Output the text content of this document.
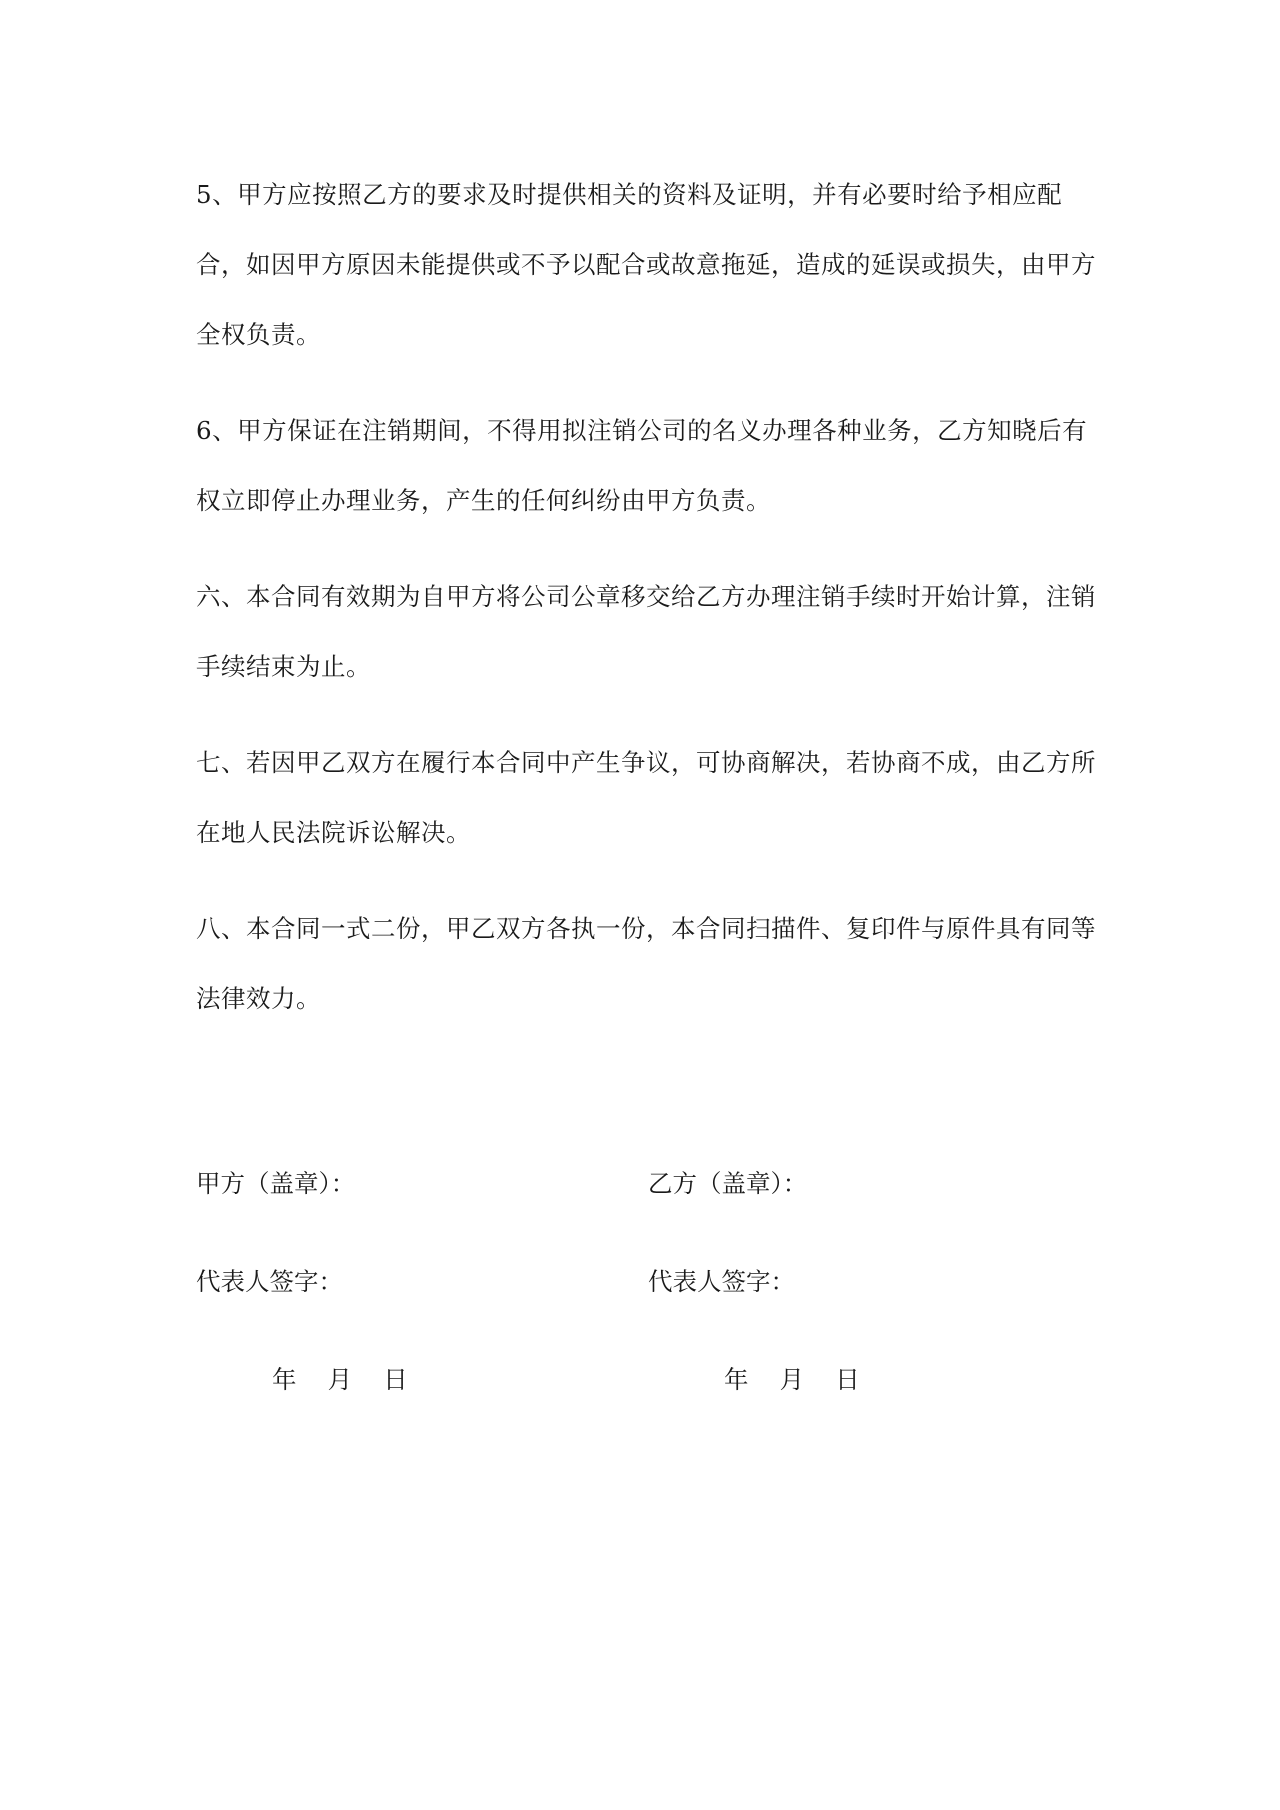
5、甲方应按照乙方的要求及时提供相关的资料及证明，并有必要时给予相应配合，如因甲方原因未能提供或不予以配合或故意拖延，造成的延误或损失，由甲方全权负责。

6、甲方保证在注销期间，不得用拟注销公司的名义办理各种业务，乙方知晓后有权立即停止办理业务，产生的任何纠纷由甲方负责。

六、本合同有效期为自甲方将公司公章移交给乙方办理注销手续时开始计算，注销手续结束为止。

七、若因甲乙双方在履行本合同中产生争议，可协商解决，若协商不成，由乙方所在地人民法院诉讼解决。

八、本合同一式二份，甲乙双方各执一份，本合同扫描件、复印件与原件具有同等法律效力。

甲方（盖章）：	乙方（盖章）：
代表人签字：	代表人签字：
年    月    日	年    月    日
